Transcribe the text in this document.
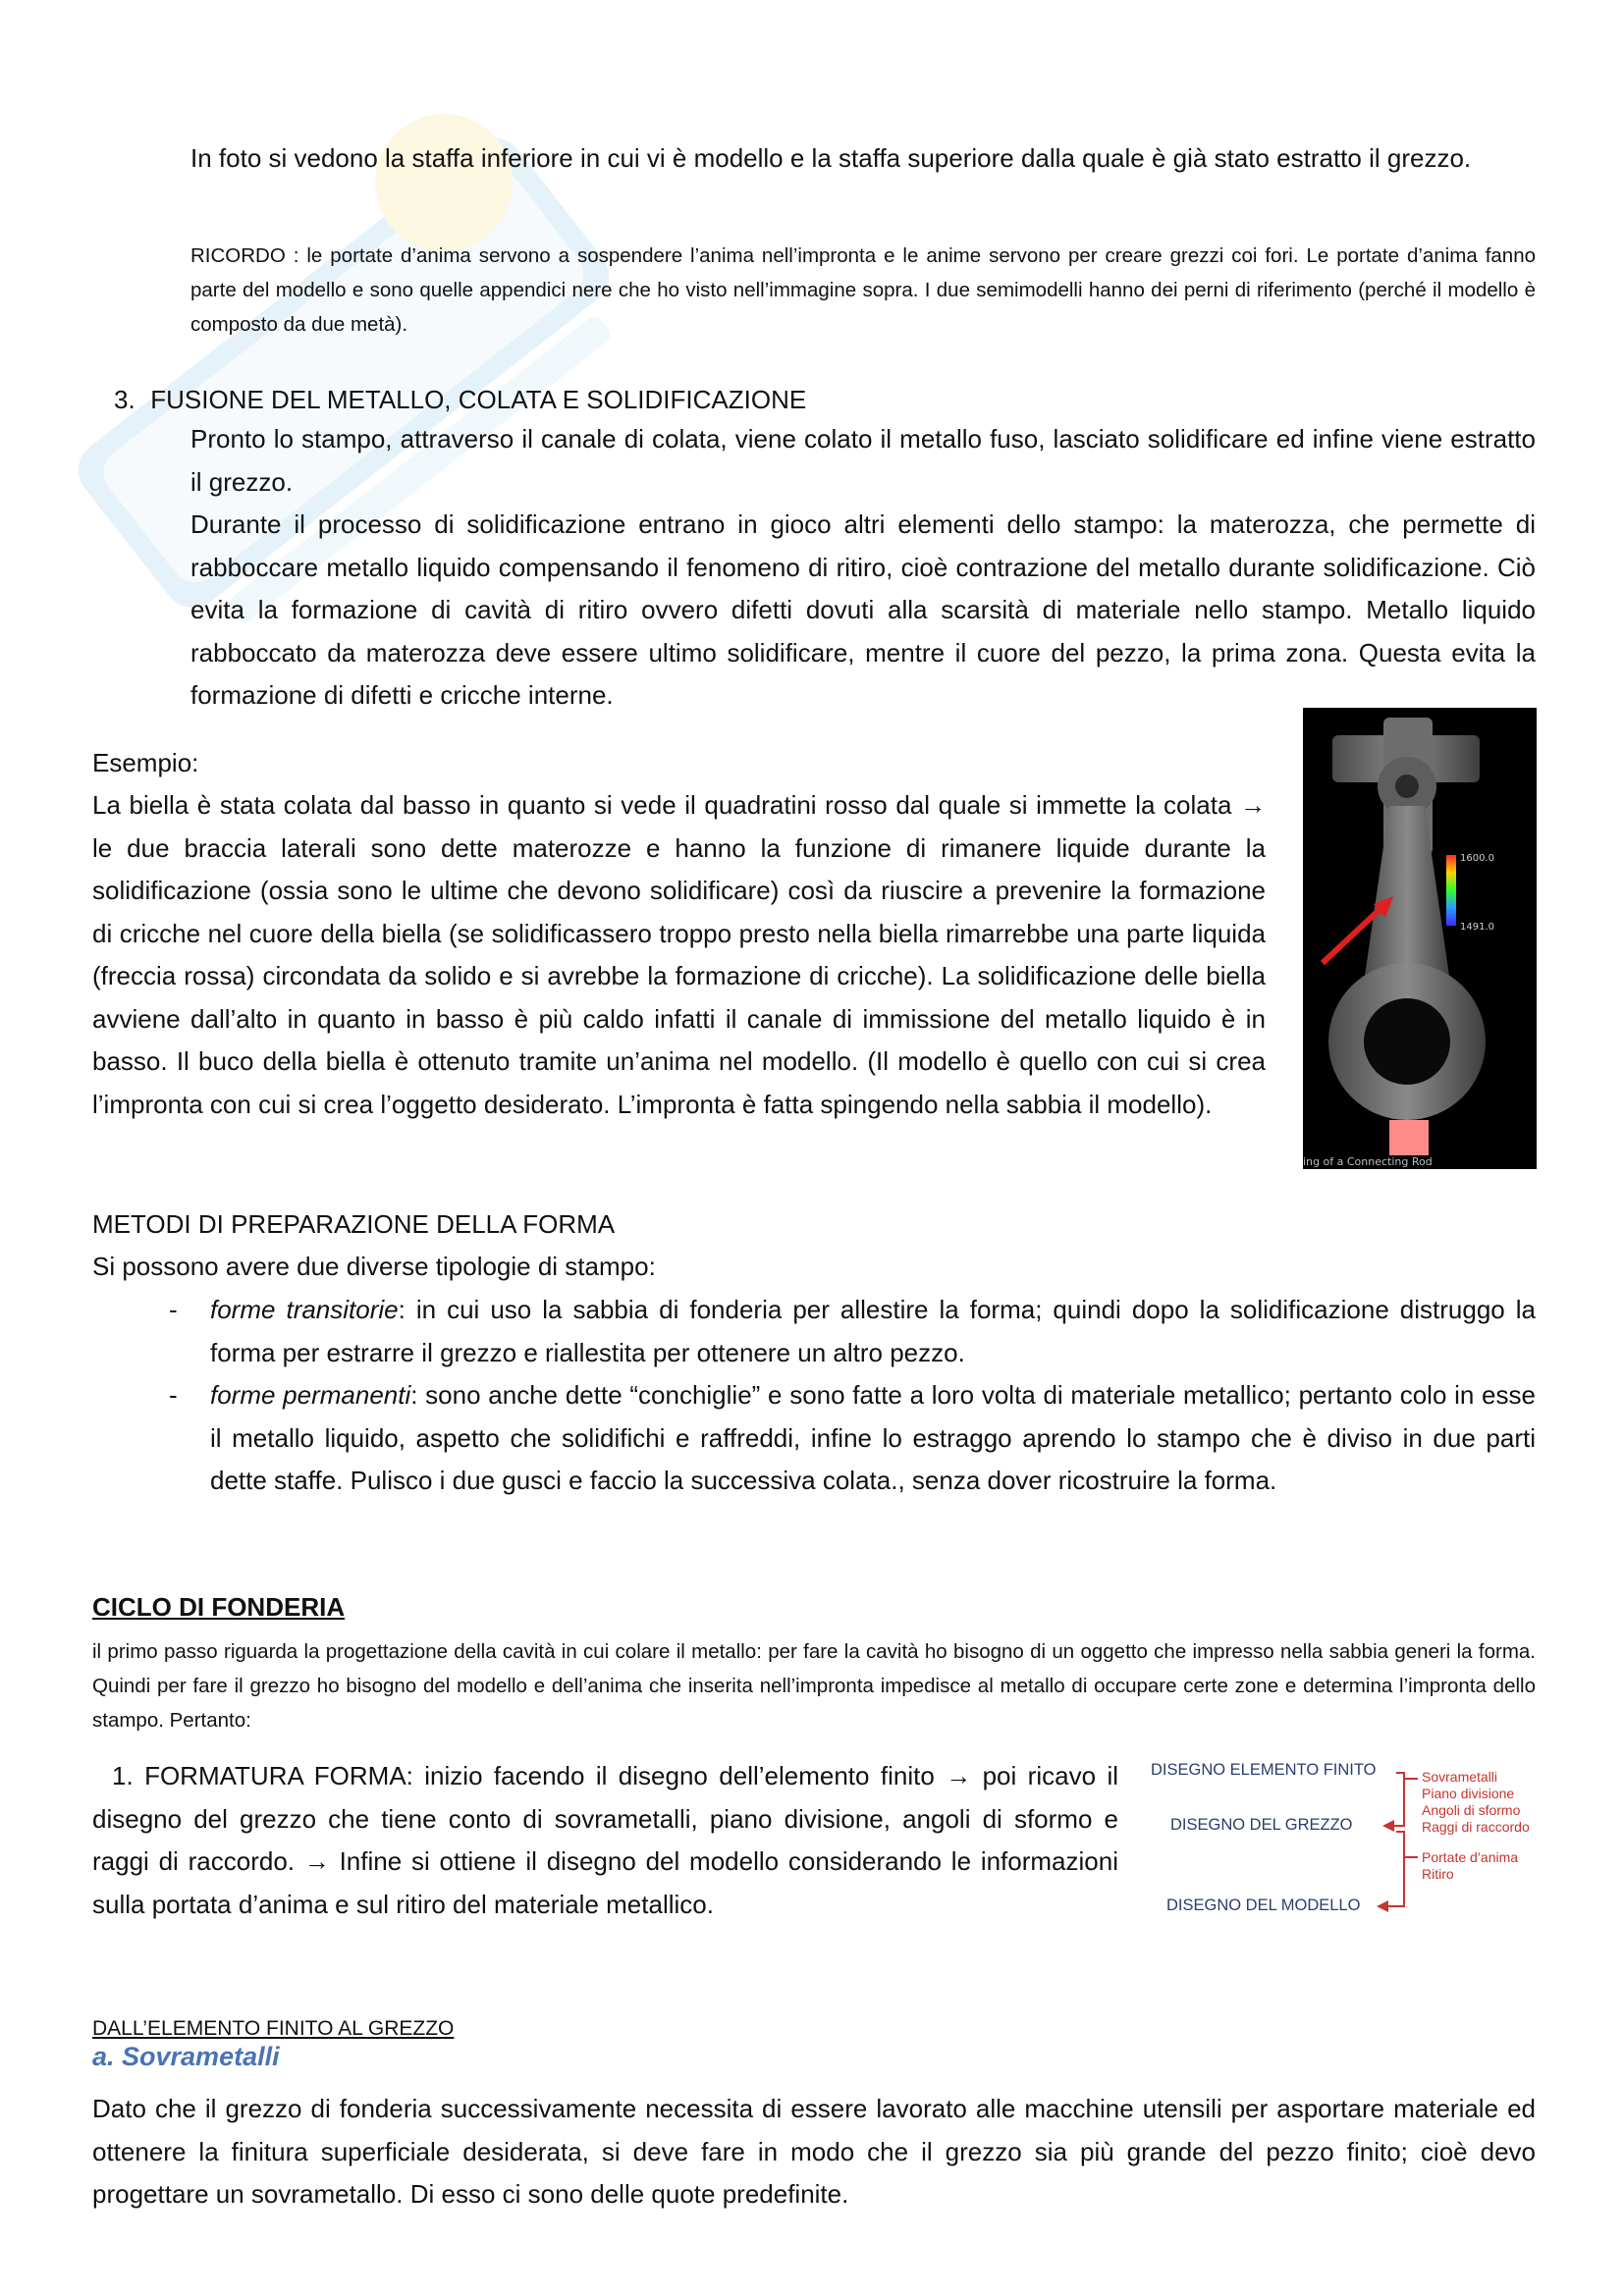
In foto si vedono la staffa inferiore in cui vi è modello e la staffa superiore dalla quale è già stato estratto il grezzo.

RICORDO : le portate d’anima servono a sospendere l’anima nell’impronta e le anime servono per creare grezzi coi fori. Le portate d’anima fanno parte del modello e sono quelle appendici nere che ho visto nell’immagine sopra. I due semimodelli hanno dei perni di riferimento (perché il modello è composto da due metà).

3. FUSIONE DEL METALLO, COLATA E SOLIDIFICAZIONE

Pronto lo stampo, attraverso il canale di colata, viene colato il metallo fuso, lasciato solidificare ed infine viene estratto il grezzo.

Durante il processo di solidificazione entrano in gioco altri elementi dello stampo: la materozza, che permette di rabboccare metallo liquido compensando il fenomeno di ritiro, cioè contrazione del metallo durante solidificazione. Ciò evita la formazione di cavità di ritiro ovvero difetti dovuti alla scarsità di materiale nello stampo. Metallo liquido rabboccato da materozza deve essere ultimo solidificare, mentre il cuore del pezzo, la prima zona. Questa evita la formazione di difetti e cricche interne.

Esempio:

La biella è stata colata dal basso in quanto si vede il quadratini rosso dal quale si immette la colata → le due braccia laterali sono dette materozze e hanno la funzione di rimanere liquide durante la solidificazione (ossia sono le ultime che devono solidificare) così da riuscire a prevenire la formazione di cricche nel cuore della biella (se solidificassero troppo presto nella biella rimarrebbe una parte liquida (freccia rossa) circondata da solido e si avrebbe la formazione di cricche). La solidificazione delle biella avviene dall’alto in quanto in basso è più caldo infatti il canale di immissione del metallo liquido è in basso. Il buco della biella è ottenuto tramite un’anima nel modello. (Il modello è quello con cui si crea l’impronta con cui si crea l’oggetto desiderato. L’impronta è fatta spingendo nella sabbia il modello).

1600.0
1491.0
ing of a Connecting Rod

METODI DI PREPARAZIONE DELLA FORMA

Si possono avere due diverse tipologie di stampo:

- forme transitorie: in cui uso la sabbia di fonderia per allestire la forma; quindi dopo la solidificazione distruggo la forma per estrarre il grezzo e riallestita per ottenere un altro pezzo.

- forme permanenti: sono anche dette “conchiglie” e sono fatte a loro volta di materiale metallico; pertanto colo in esse il metallo liquido, aspetto che solidifichi e raffreddi, infine lo estraggo aprendo lo stampo che è diviso in due parti dette staffe. Pulisco i due gusci e faccio la successiva colata., senza dover ricostruire la forma.

CICLO DI FONDERIA

il primo passo riguarda la progettazione della cavità in cui colare il metallo: per fare la cavità ho bisogno di un oggetto che impresso nella sabbia generi la forma. Quindi per fare il grezzo ho bisogno del modello e dell’anima che inserita nell’impronta impedisce al metallo di occupare certe zone e determina l’impronta dello stampo. Pertanto:

1. FORMATURA FORMA: inizio facendo il disegno dell’elemento finito → poi ricavo il disegno del grezzo che tiene conto di sovrametalli, piano divisione, angoli di sformo e raggi di raccordo. → Infine si ottiene il disegno del modello considerando le informazioni sulla portata d’anima e sul ritiro del materiale metallico.

DISEGNO ELEMENTO FINITO
DISEGNO DEL GREZZO
DISEGNO DEL MODELLO
Sovrametalli
Piano divisione
Angoli di sformo
Raggi di raccordo
Portate d’anima
Ritiro

DALL’ELEMENTO FINITO AL GREZZO

a. Sovrametalli

Dato che il grezzo di fonderia successivamente necessita di essere lavorato alle macchine utensili per asportare materiale ed ottenere la finitura superficiale desiderata, si deve fare in modo che il grezzo sia più grande del pezzo finito; cioè devo progettare un sovrametallo. Di esso ci sono delle quote predefinite.
